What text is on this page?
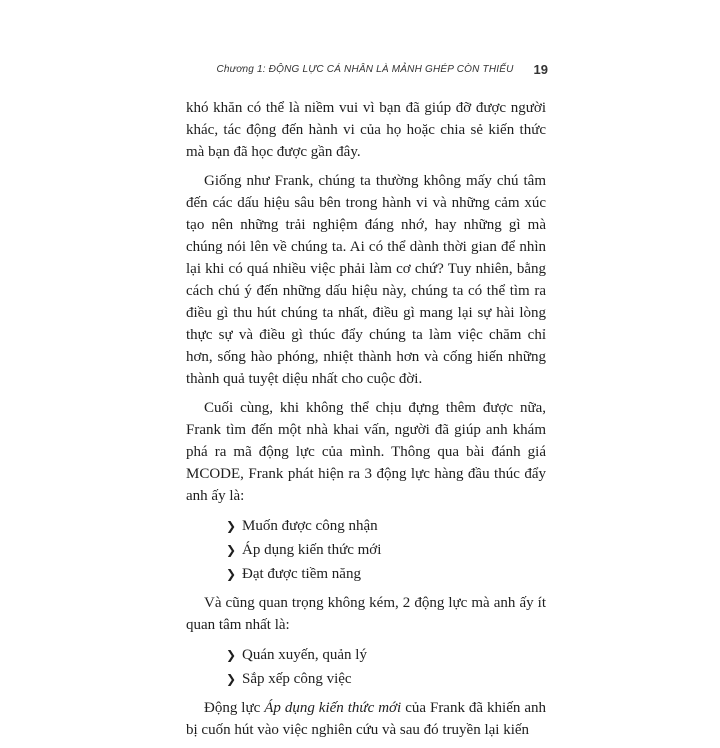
Chương 1: ĐỘNG LỰC CÁ NHÂN LÀ MẢNH GHÉP CÒN THIẾU 19

khó khăn có thể là niềm vui vì bạn đã giúp đỡ được người khác, tác động đến hành vi của họ hoặc chia sẻ kiến thức mà bạn đã học được gần đây.

Giống như Frank, chúng ta thường không mấy chú tâm đến các dấu hiệu sâu bên trong hành vi và những cảm xúc tạo nên những trải nghiệm đáng nhớ, hay những gì mà chúng nói lên về chúng ta. Ai có thể dành thời gian để nhìn lại khi có quá nhiều việc phải làm cơ chứ? Tuy nhiên, bằng cách chú ý đến những dấu hiệu này, chúng ta có thể tìm ra điều gì thu hút chúng ta nhất, điều gì mang lại sự hài lòng thực sự và điều gì thúc đẩy chúng ta làm việc chăm chỉ hơn, sống hào phóng, nhiệt thành hơn và cống hiến những thành quả tuyệt diệu nhất cho cuộc đời.

Cuối cùng, khi không thể chịu đựng thêm được nữa, Frank tìm đến một nhà khai vấn, người đã giúp anh khám phá ra mã động lực của mình. Thông qua bài đánh giá MCODE, Frank phát hiện ra 3 động lực hàng đầu thúc đẩy anh ấy là:

❯ Muốn được công nhận
❯ Áp dụng kiến thức mới
❯ Đạt được tiềm năng

Và cũng quan trọng không kém, 2 động lực mà anh ấy ít quan tâm nhất là:

❯ Quán xuyến, quản lý
❯ Sắp xếp công việc

Động lực Áp dụng kiến thức mới của Frank đã khiến anh bị cuốn hút vào việc nghiên cứu và sau đó truyền lại kiến
